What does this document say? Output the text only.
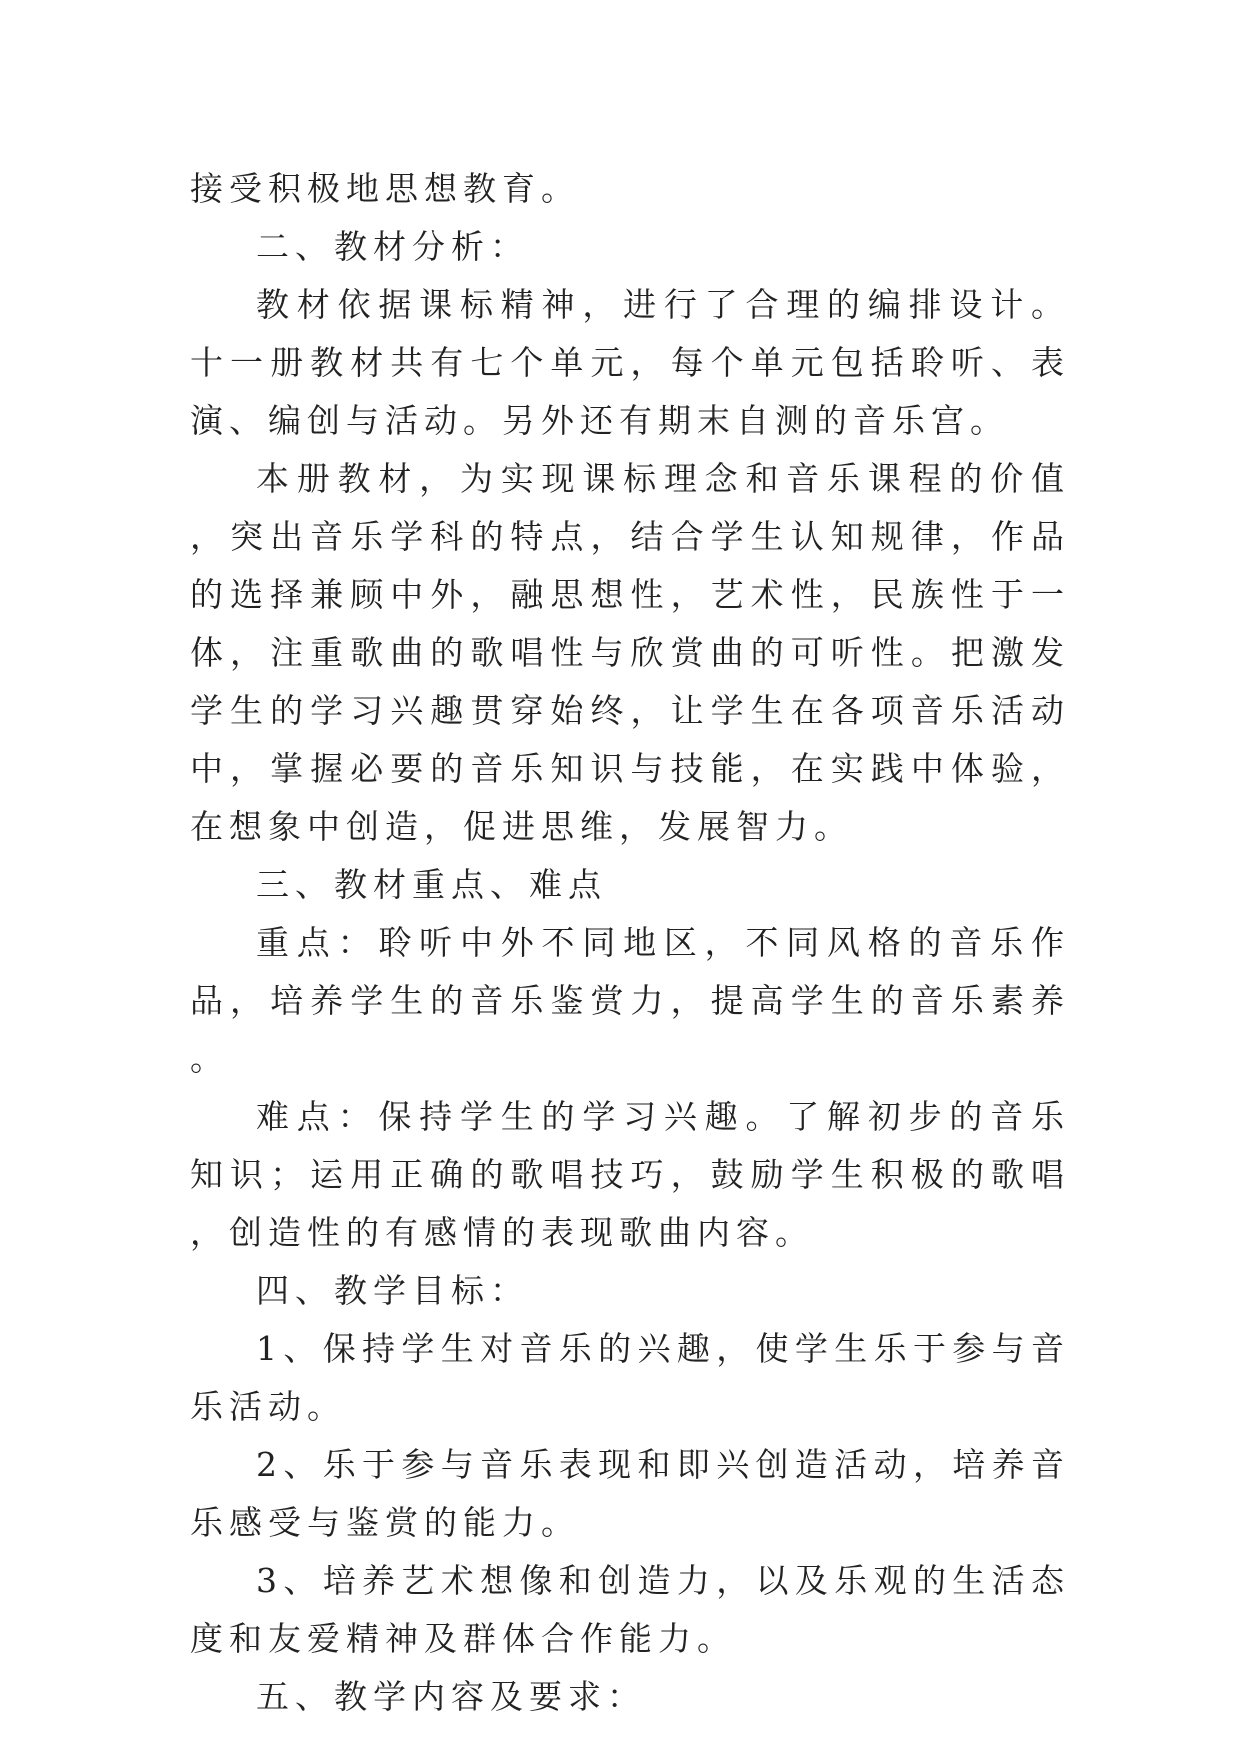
接受积极地思想教育。

二、教材分析：

教材依据课标精神，进行了合理的编排设计。十一册教材共有七个单元，每个单元包括聆听、表演、编创与活动。另外还有期末自测的音乐宫。

本册教材，为实现课标理念和音乐课程的价值，突出音乐学科的特点，结合学生认知规律，作品的选择兼顾中外，融思想性，艺术性，民族性于一体，注重歌曲的歌唱性与欣赏曲的可听性。把激发学生的学习兴趣贯穿始终，让学生在各项音乐活动中，掌握必要的音乐知识与技能，在实践中体验，在想象中创造，促进思维，发展智力。

三、教材重点、难点

重点：聆听中外不同地区，不同风格的音乐作品，培养学生的音乐鉴赏力，提高学生的音乐素养。

难点：保持学生的学习兴趣。了解初步的音乐知识；运用正确的歌唱技巧，鼓励学生积极的歌唱，创造性的有感情的表现歌曲内容。

四、教学目标：

1、保持学生对音乐的兴趣，使学生乐于参与音乐活动。

2、乐于参与音乐表现和即兴创造活动，培养音乐感受与鉴赏的能力。

3、培养艺术想像和创造力，以及乐观的生活态度和友爱精神及群体合作能力。

五、教学内容及要求：
